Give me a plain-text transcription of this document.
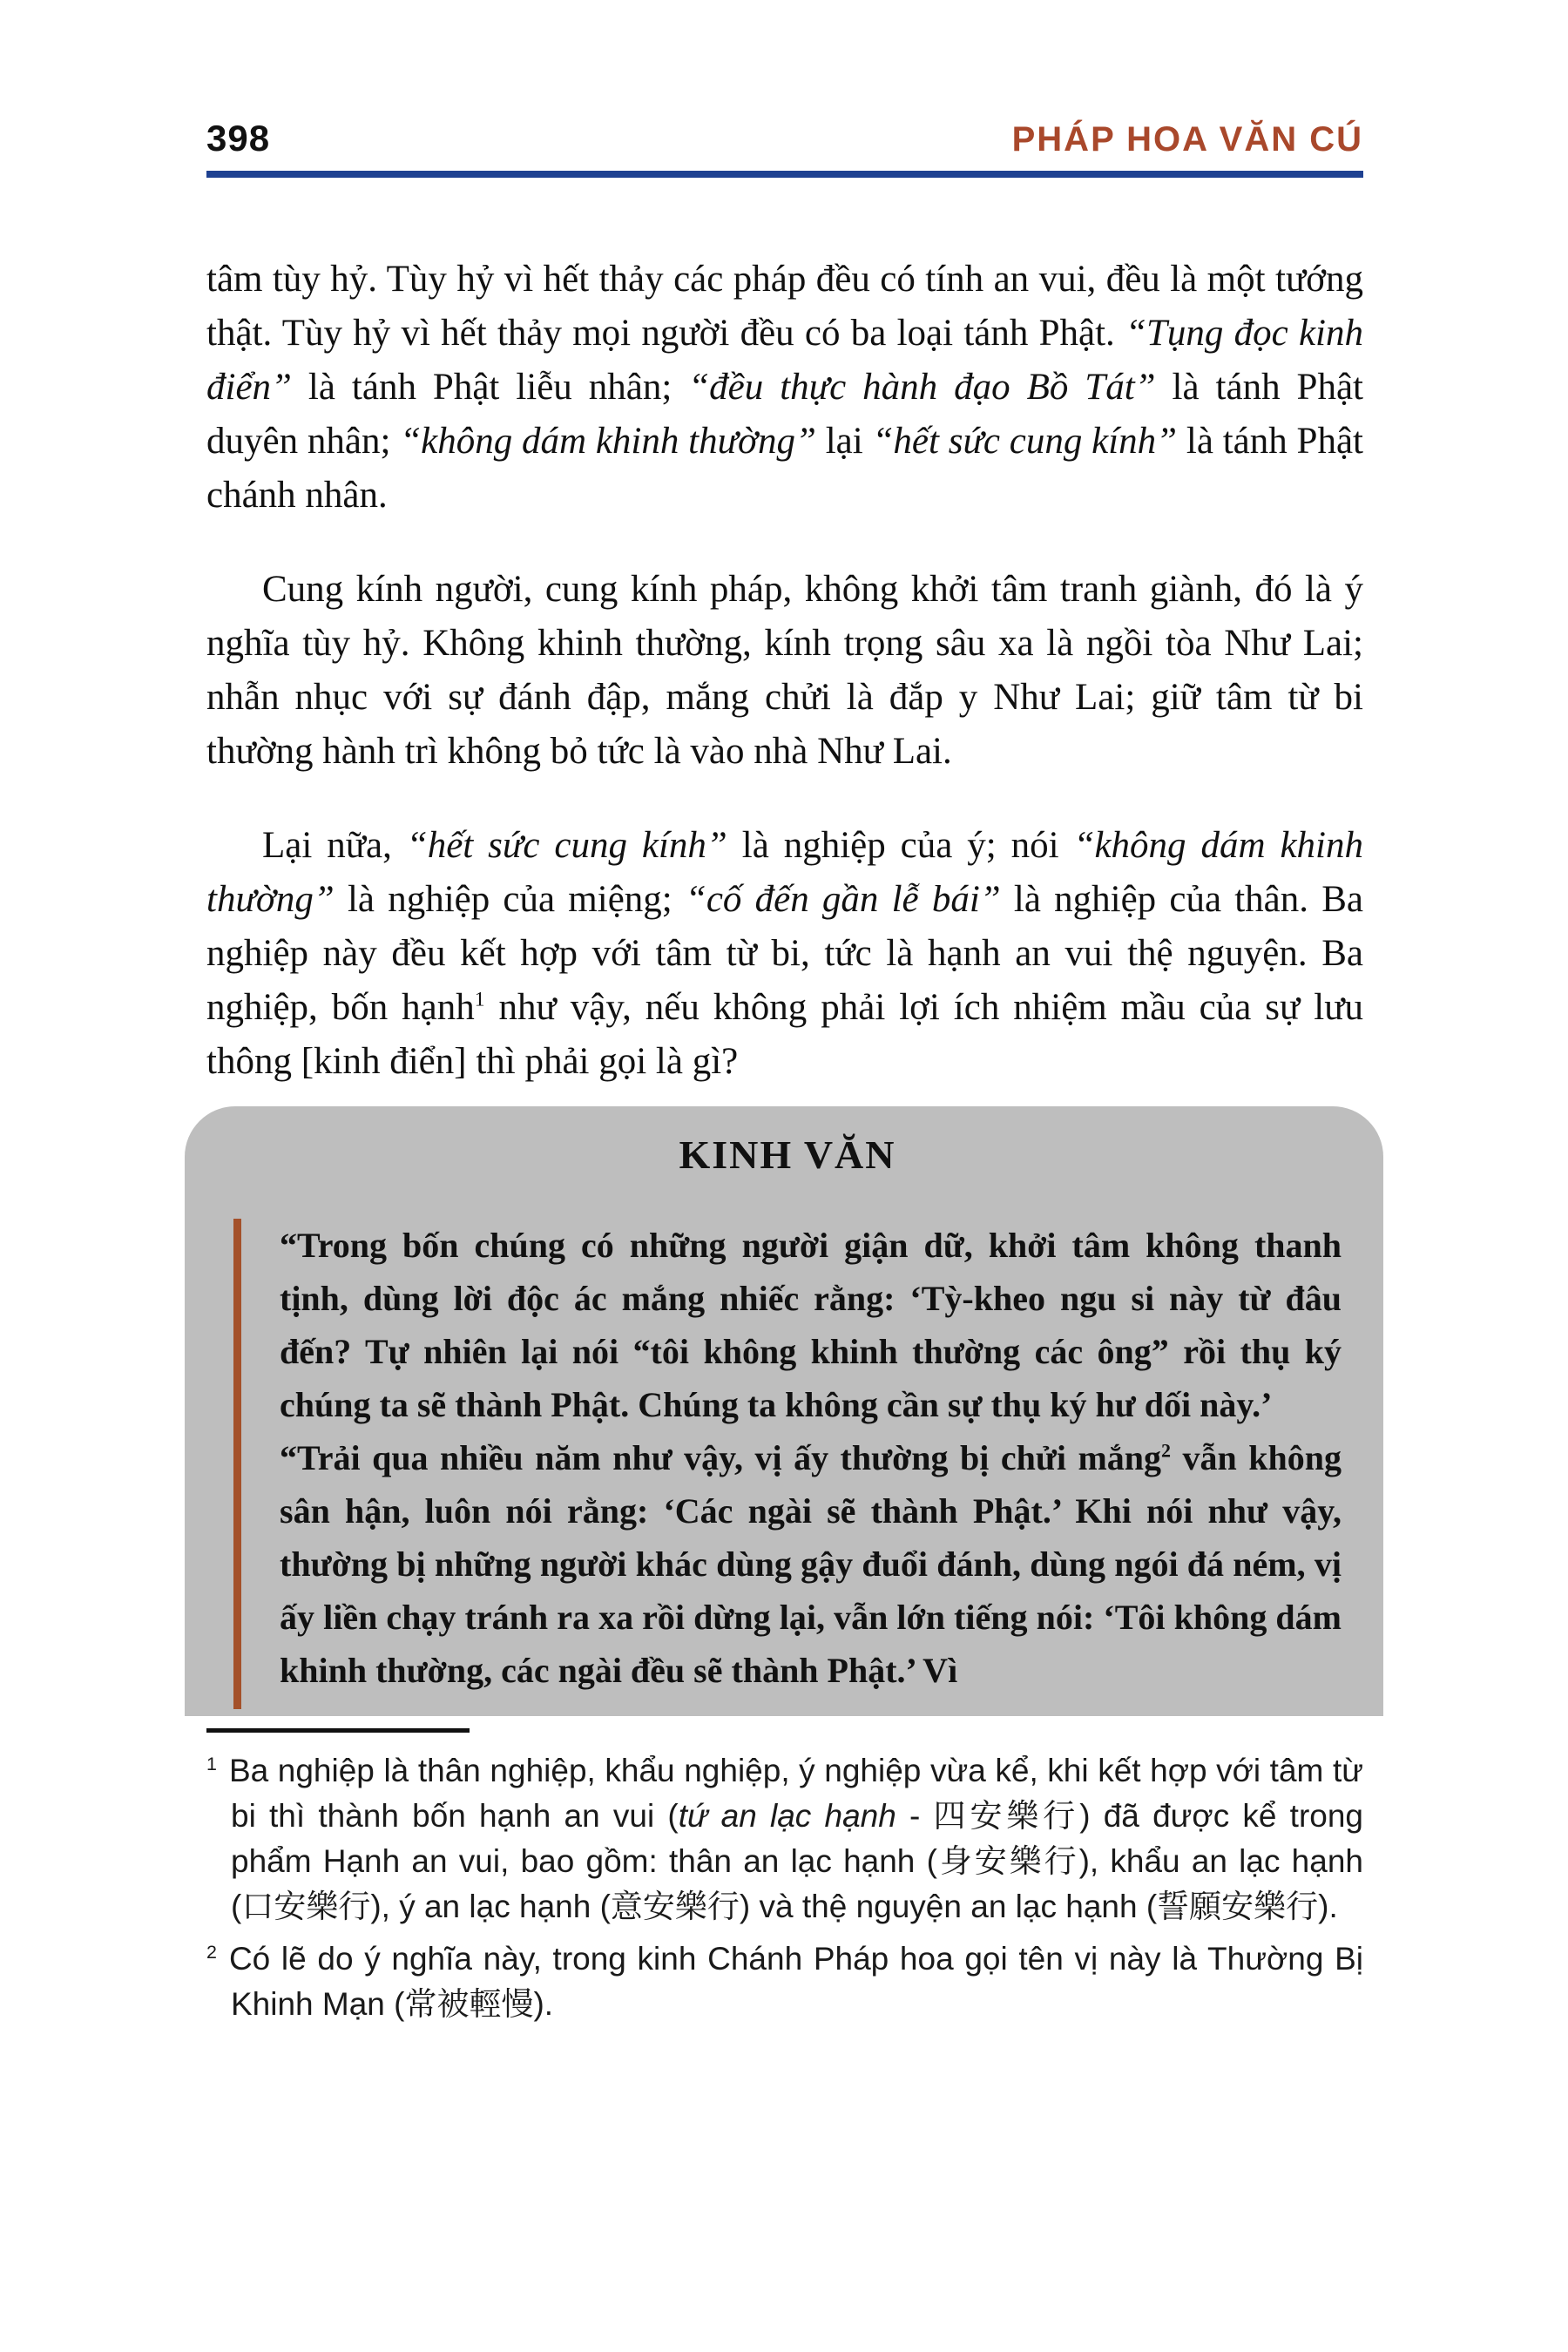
398	PHÁP HOA VĂN CÚ

tâm tùy hỷ. Tùy hỷ vì hết thảy các pháp đều có tính an vui, đều là một tướng thật. Tùy hỷ vì hết thảy mọi người đều có ba loại tánh Phật. “Tụng đọc kinh điển” là tánh Phật liễu nhân; “đều thực hành đạo Bồ Tát” là tánh Phật duyên nhân; “không dám khinh thường” lại “hết sức cung kính” là tánh Phật chánh nhân.

Cung kính người, cung kính pháp, không khởi tâm tranh giành, đó là ý nghĩa tùy hỷ. Không khinh thường, kính trọng sâu xa là ngồi tòa Như Lai; nhẫn nhục với sự đánh đập, mắng chửi là đắp y Như Lai; giữ tâm từ bi thường hành trì không bỏ tức là vào nhà Như Lai.

Lại nữa, “hết sức cung kính” là nghiệp của ý; nói “không dám khinh thường” là nghiệp của miệng; “cố đến gần lễ bái” là nghiệp của thân. Ba nghiệp này đều kết hợp với tâm từ bi, tức là hạnh an vui thệ nguyện. Ba nghiệp, bốn hạnh$^1$ như vậy, nếu không phải lợi ích nhiệm mầu của sự lưu thông [kinh điển] thì phải gọi là gì?

KINH VĂN

“Trong bốn chúng có những người giận dữ, khởi tâm không thanh tịnh, dùng lời độc ác mắng nhiếc rằng: ‘Tỳ-kheo ngu si này từ đâu đến? Tự nhiên lại nói “tôi không khinh thường các ông” rồi thụ ký chúng ta sẽ thành Phật. Chúng ta không cần sự thụ ký hư dối này.’

“Trải qua nhiều năm như vậy, vị ấy thường bị chửi mắng$^2$ vẫn không sân hận, luôn nói rằng: ‘Các ngài sẽ thành Phật.’ Khi nói như vậy, thường bị những người khác dùng gậy đuổi đánh, dùng ngói đá ném, vị ấy liền chạy tránh ra xa rồi dừng lại, vẫn lớn tiếng nói: ‘Tôi không dám khinh thường, các ngài đều sẽ thành Phật.’ Vì

$^1$ Ba nghiệp là thân nghiệp, khẩu nghiệp, ý nghiệp vừa kể, khi kết hợp với tâm từ bi thì thành bốn hạnh an vui (tứ an lạc hạnh - 四安樂行) đã được kể trong phẩm Hạnh an vui, bao gồm: thân an lạc hạnh (身安樂行), khẩu an lạc hạnh (口安樂行), ý an lạc hạnh (意安樂行) và thệ nguyện an lạc hạnh (誓願安樂行).

$^2$ Có lẽ do ý nghĩa này, trong kinh Chánh Pháp hoa gọi tên vị này là Thường Bị Khinh Mạn (常被輕慢).
